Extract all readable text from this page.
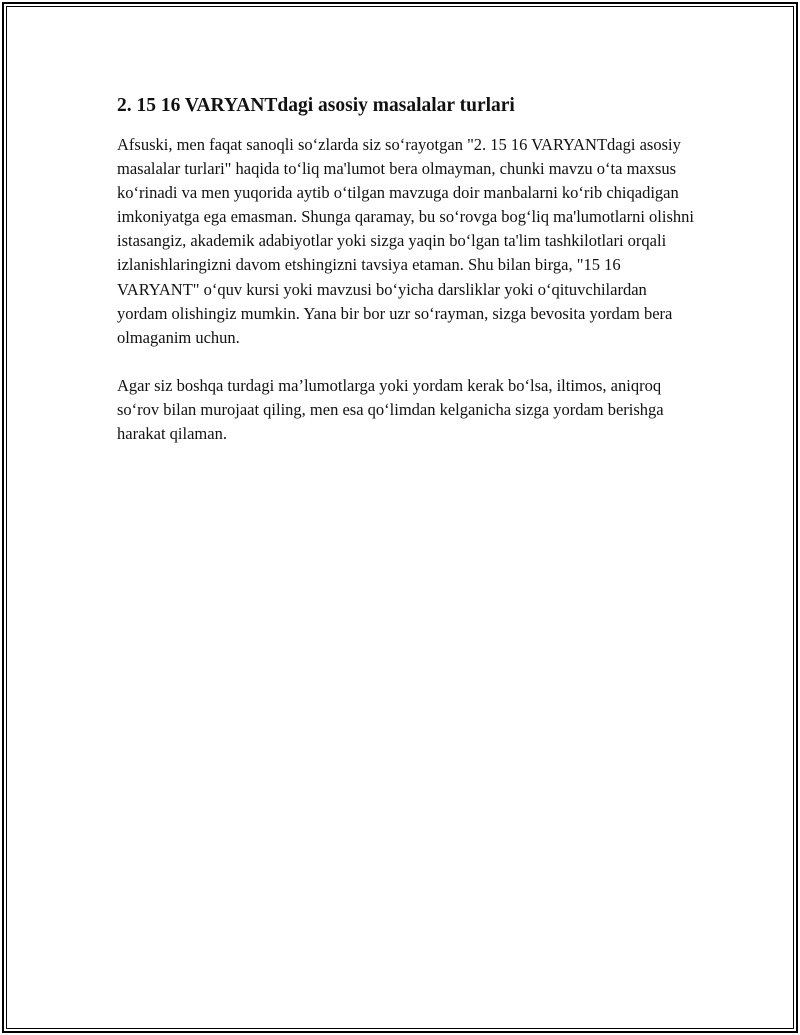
2. 15 16 VARYANTdagi asosiy masalalar turlari

Afsuski, men faqat sanoqli so‘zlarda siz so‘rayotgan "2. 15 16 VARYANTdagi asosiy masalalar turlari" haqida to‘liq ma'lumot bera olmayman, chunki mavzu o‘ta maxsus ko‘rinadi va men yuqorida aytib o‘tilgan mavzuga doir manbalarni ko‘rib chiqadigan imkoniyatga ega emasman. Shunga qaramay, bu so‘rovga bog‘liq ma'lumotlarni olishni istasangiz, akademik adabiyotlar yoki sizga yaqin bo‘lgan ta'lim tashkilotlari orqali izlanishlaringizni davom etshingizni tavsiya etaman. Shu bilan birga, "15 16 VARYANT" o‘quv kursi yoki mavzusi bo‘yicha darsliklar yoki o‘qituvchilardan yordam olishingiz mumkin. Yana bir bor uzr so‘rayman, sizga bevosita yordam bera olmaganim uchun.

Agar siz boshqa turdagi ma’lumotlarga yoki yordam kerak bo‘lsa, iltimos, aniqroq so‘rov bilan murojaat qiling, men esa qo‘limdan kelganicha sizga yordam berishga harakat qilaman.
